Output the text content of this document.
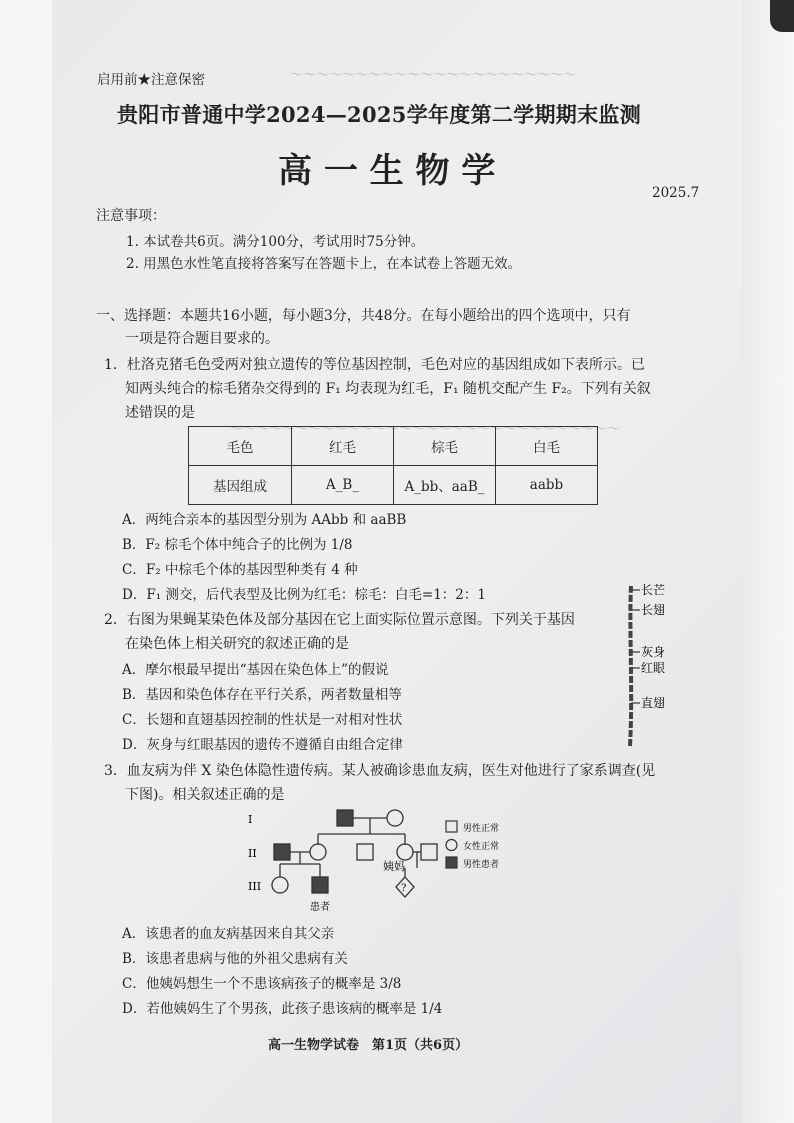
～～～～～～～～～～～～～～～～～～～～～～
～～～～～～～～～～～～～～～～～～～～～～～～～～～～～～
启用前★注意保密
贵阳市普通中学2024—2025学年度第二学期期末监测
高 一 生 物 学
2025.7
注意事项：
1. 本试卷共6页。满分100分，考试用时75分钟。
2. 用黑色水性笔直接将答案写在答题卡上，在本试卷上答题无效。
一、选择题：本题共16小题，每小题3分，共48分。在每小题给出的四个选项中，只有
一项是符合题目要求的。
1．杜洛克猪毛色受两对独立遗传的等位基因控制，毛色对应的基因组成如下表所示。已
知两头纯合的棕毛猪杂交得到的 F₁ 均表现为红毛，F₁ 随机交配产生 F₂。下列有关叙
述错误的是
毛色	红毛	棕毛	白毛
基因组成	A_B_	A_bb、aaB_	aabb
A．两纯合亲本的基因型分别为 AAbb 和 aaBB
B．F₂ 棕毛个体中纯合子的比例为 1/8
C．F₂ 中棕毛个体的基因型种类有 4 种
D．F₁ 测交，后代表型及比例为红毛：棕毛：白毛=1：2：1
2．右图为果蝇某染色体及部分基因在它上面实际位置示意图。下列关于基因
在染色体上相关研究的叙述正确的是
A．摩尔根最早提出“基因在染色体上”的假说
B．基因和染色体存在平行关系，两者数量相等
C．长翅和直翅基因控制的性状是一对相对性状
D．灰身与红眼基因的遗传不遵循自由组合定律
长芒
长翅
灰身
红眼
直翅
3．血友病为伴 X 染色体隐性遗传病。某人被确诊患血友病，医生对他进行了家系调查(见
下图)。相关叙述正确的是
I
II
III
姨妈
患者
?
男性正常
女性正常
男性患者
A．该患者的血友病基因来自其父亲
B．该患者患病与他的外祖父患病有关
C．他姨妈想生一个不患该病孩子的概率是 3/8
D．若他姨妈生了个男孩，此孩子患该病的概率是 1/4
高一生物学试卷　第1页（共6页）
